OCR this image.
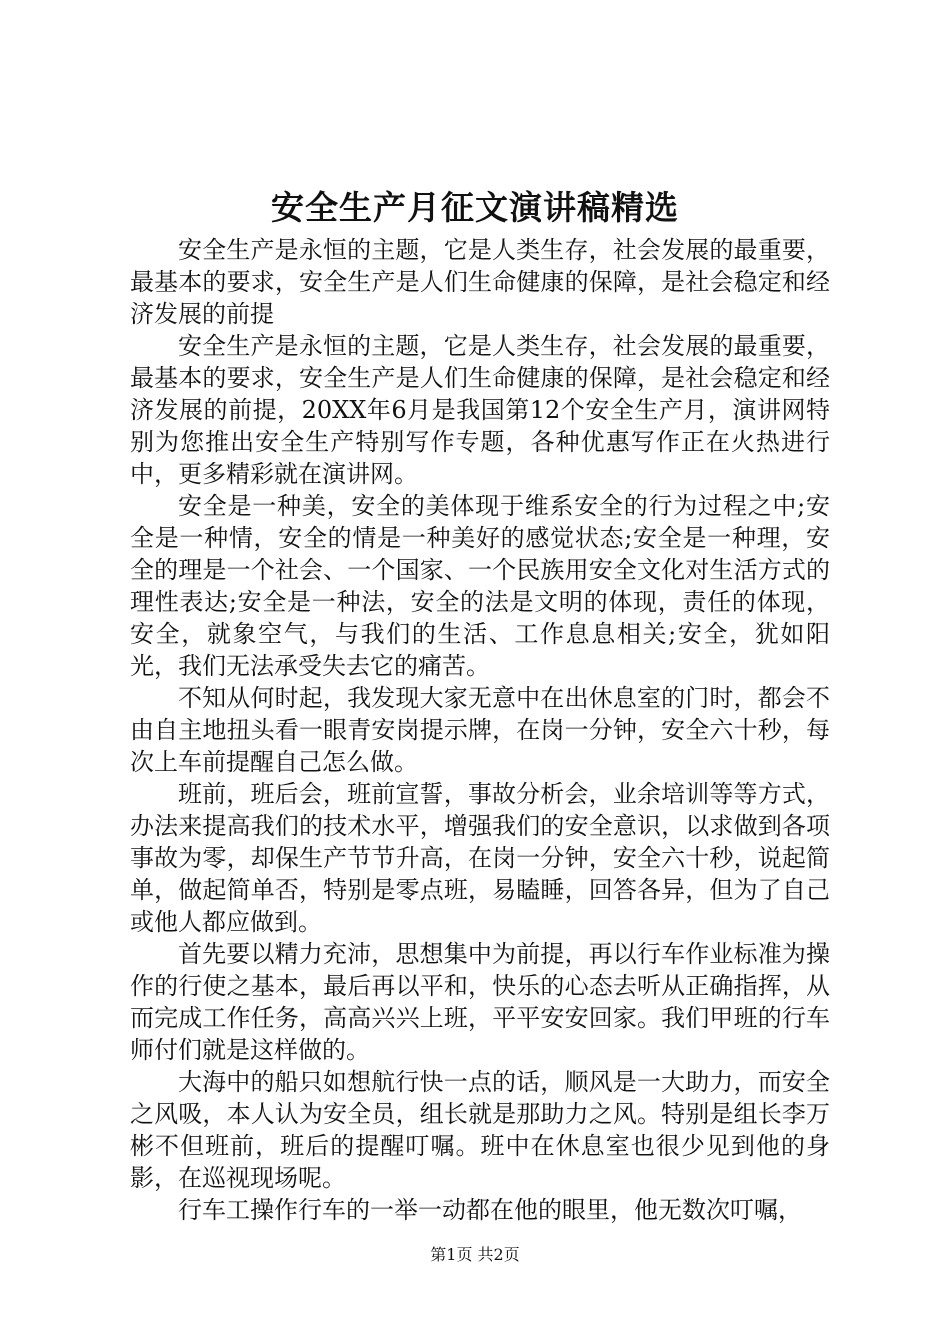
安全生产月征文演讲稿精选

安全生产是永恒的主题，它是人类生存，社会发展的最重要，最基本的要求，安全生产是人们生命健康的保障，是社会稳定和经济发展的前提

安全生产是永恒的主题，它是人类生存，社会发展的最重要，最基本的要求，安全生产是人们生命健康的保障，是社会稳定和经济发展的前提，20XX年6月是我国第12个安全生产月，演讲网特别为您推出安全生产特别写作专题，各种优惠写作正在火热进行中，更多精彩就在演讲网。

安全是一种美，安全的美体现于维系安全的行为过程之中;安全是一种情，安全的情是一种美好的感觉状态;安全是一种理，安全的理是一个社会、一个国家、一个民族用安全文化对生活方式的理性表达;安全是一种法，安全的法是文明的体现，责任的体现，安全，就象空气，与我们的生活、工作息息相关;安全，犹如阳光，我们无法承受失去它的痛苦。

不知从何时起，我发现大家无意中在出休息室的门时，都会不由自主地扭头看一眼青安岗提示牌，在岗一分钟，安全六十秒，每次上车前提醒自己怎么做。

班前，班后会，班前宣誓，事故分析会，业余培训等等方式，办法来提高我们的技术水平，增强我们的安全意识，以求做到各项事故为零，却保生产节节升高，在岗一分钟，安全六十秒，说起简单，做起简单否，特别是零点班，易瞌睡，回答各异，但为了自己或他人都应做到。

首先要以精力充沛，思想集中为前提，再以行车作业标准为操作的行使之基本，最后再以平和，快乐的心态去听从正确指挥，从而完成工作任务，高高兴兴上班，平平安安回家。我们甲班的行车师付们就是这样做的。

大海中的船只如想航行快一点的话，顺风是一大助力，而安全之风吸，本人认为安全员，组长就是那助力之风。特别是组长李万彬不但班前，班后的提醒叮嘱。班中在休息室也很少见到他的身影，在巡视现场呢。

行车工操作行车的一举一动都在他的眼里，他无数次叮嘱，

第1页 共2页
